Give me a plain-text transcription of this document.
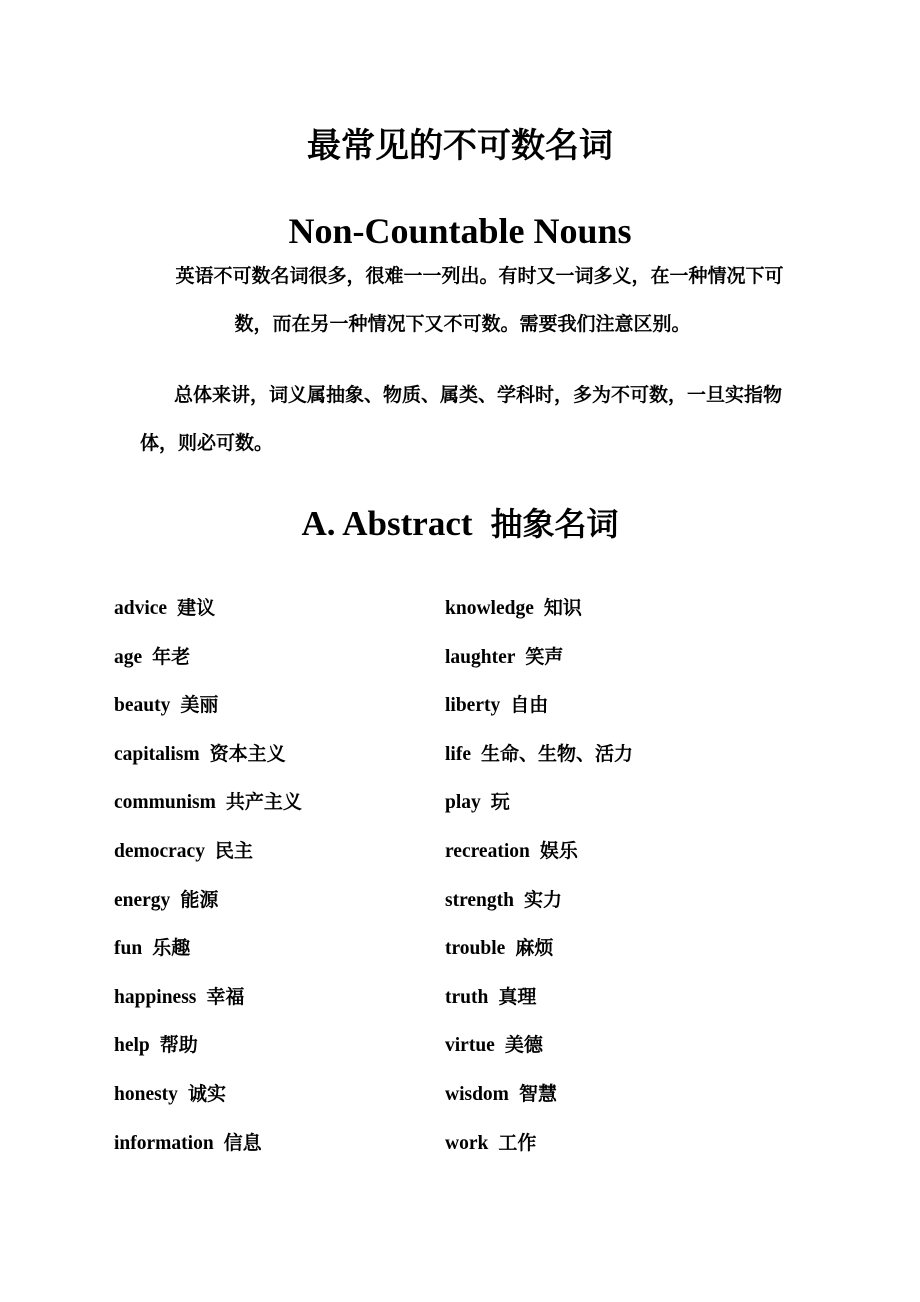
最常见的不可数名词
Non-Countable Nouns
英语不可数名词很多，很难一一列出。有时又一词多义，在一种情况下可数，而在另一种情况下又不可数。需要我们注意区别。
总体来讲，词义属抽象、物质、属类、学科时，多为不可数，一旦实指物体，则必可数。
A. Abstract 抽象名词
advice 建议
age 年老
beauty 美丽
capitalism 资本主义
communism 共产主义
democracy 民主
energy 能源
fun 乐趣
happiness 幸福
help 帮助
honesty 诚实
information 信息
knowledge 知识
laughter 笑声
liberty 自由
life 生命、生物、活力
play 玩
recreation 娱乐
strength 实力
trouble 麻烦
truth 真理
virtue 美德
wisdom 智慧
work 工作
